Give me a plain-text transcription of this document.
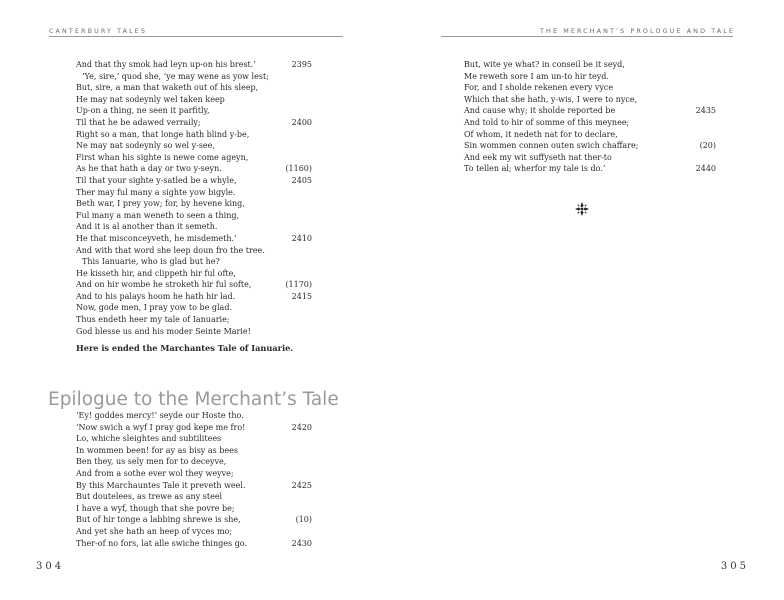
CANTERBURY TALES
And that thy smok had leyn up-on his brest.’	2395
‘Ye, sire,’ quod she, ‘ye may wene as yow lest;
But, sire, a man that waketh out of his sleep,
He may nat sodeynly wel taken keep
Up-on a thing, ne seen it parfitly,
Til that he be adawed verraily;	2400
Right so a man, that longe hath blind y-be,
Ne may nat sodeynly so wel y-see,
First whan his sighte is newe come ageyn,
As he that hath a day or two y-seyn.	(1160)
Til that your sighte y-satled be a whyle,	2405
Ther may ful many a sighte yow bigyle.
Beth war, I prey yow; for, by hevene king,
Ful many a man weneth to seen a thing,
And it is al another than it semeth.
He that misconceyveth, he misdemeth.’	2410
And with that word she leep doun fro the tree.
This Ianuarie, who is glad but he?
He kisseth hir, and clippeth hir ful ofte,
And on hir wombe he stroketh hir ful softe,	(1170)
And to his palays hoom he hath hir lad.	2415
Now, gode men, I pray yow to be glad.
Thus endeth heer my tale of Ianuarie;
God blesse us and his moder Seinte Marie!
Here is ended the Marchantes Tale of Ianuarie.
Epilogue to the Merchant’s Tale
‘Ey! goddes mercy!’ seyde our Hoste tho.
‘Now swich a wyf I pray god kepe me fro!	2420
Lo, whiche sleightes and subtilitees
In wommen been! for ay as bisy as bees
Ben they, us sely men for to deceyve,
And from a sothe ever wol they weyve;
By this Marchauntes Tale it preveth weel.	2425
But doutelees, as trewe as any steel
I have a wyf, though that she povre be;
But of hir tonge a labbing shrewe is she,	(10)
And yet she hath an heep of vyces mo;
Ther-of no fors, lat alle swiche thinges go.	2430
304
THE MERCHANT’S PROLOGUE AND TALE
But, wite ye what? in conseil be it seyd,
Me reweth sore I am un-to hir teyd.
For, and I sholde rekenen every vyce
Which that she hath, y-wis, I were to nyce,
And cause why; it sholde reported be	2435
And told to hir of somme of this meynee;
Of whom, it nedeth nat for to declare,
Sin wommen connen outen swich chaffare;	(20)
And eek my wit suffyseth nat ther-to
To tellen al; wherfor my tale is do.’	2440
305
